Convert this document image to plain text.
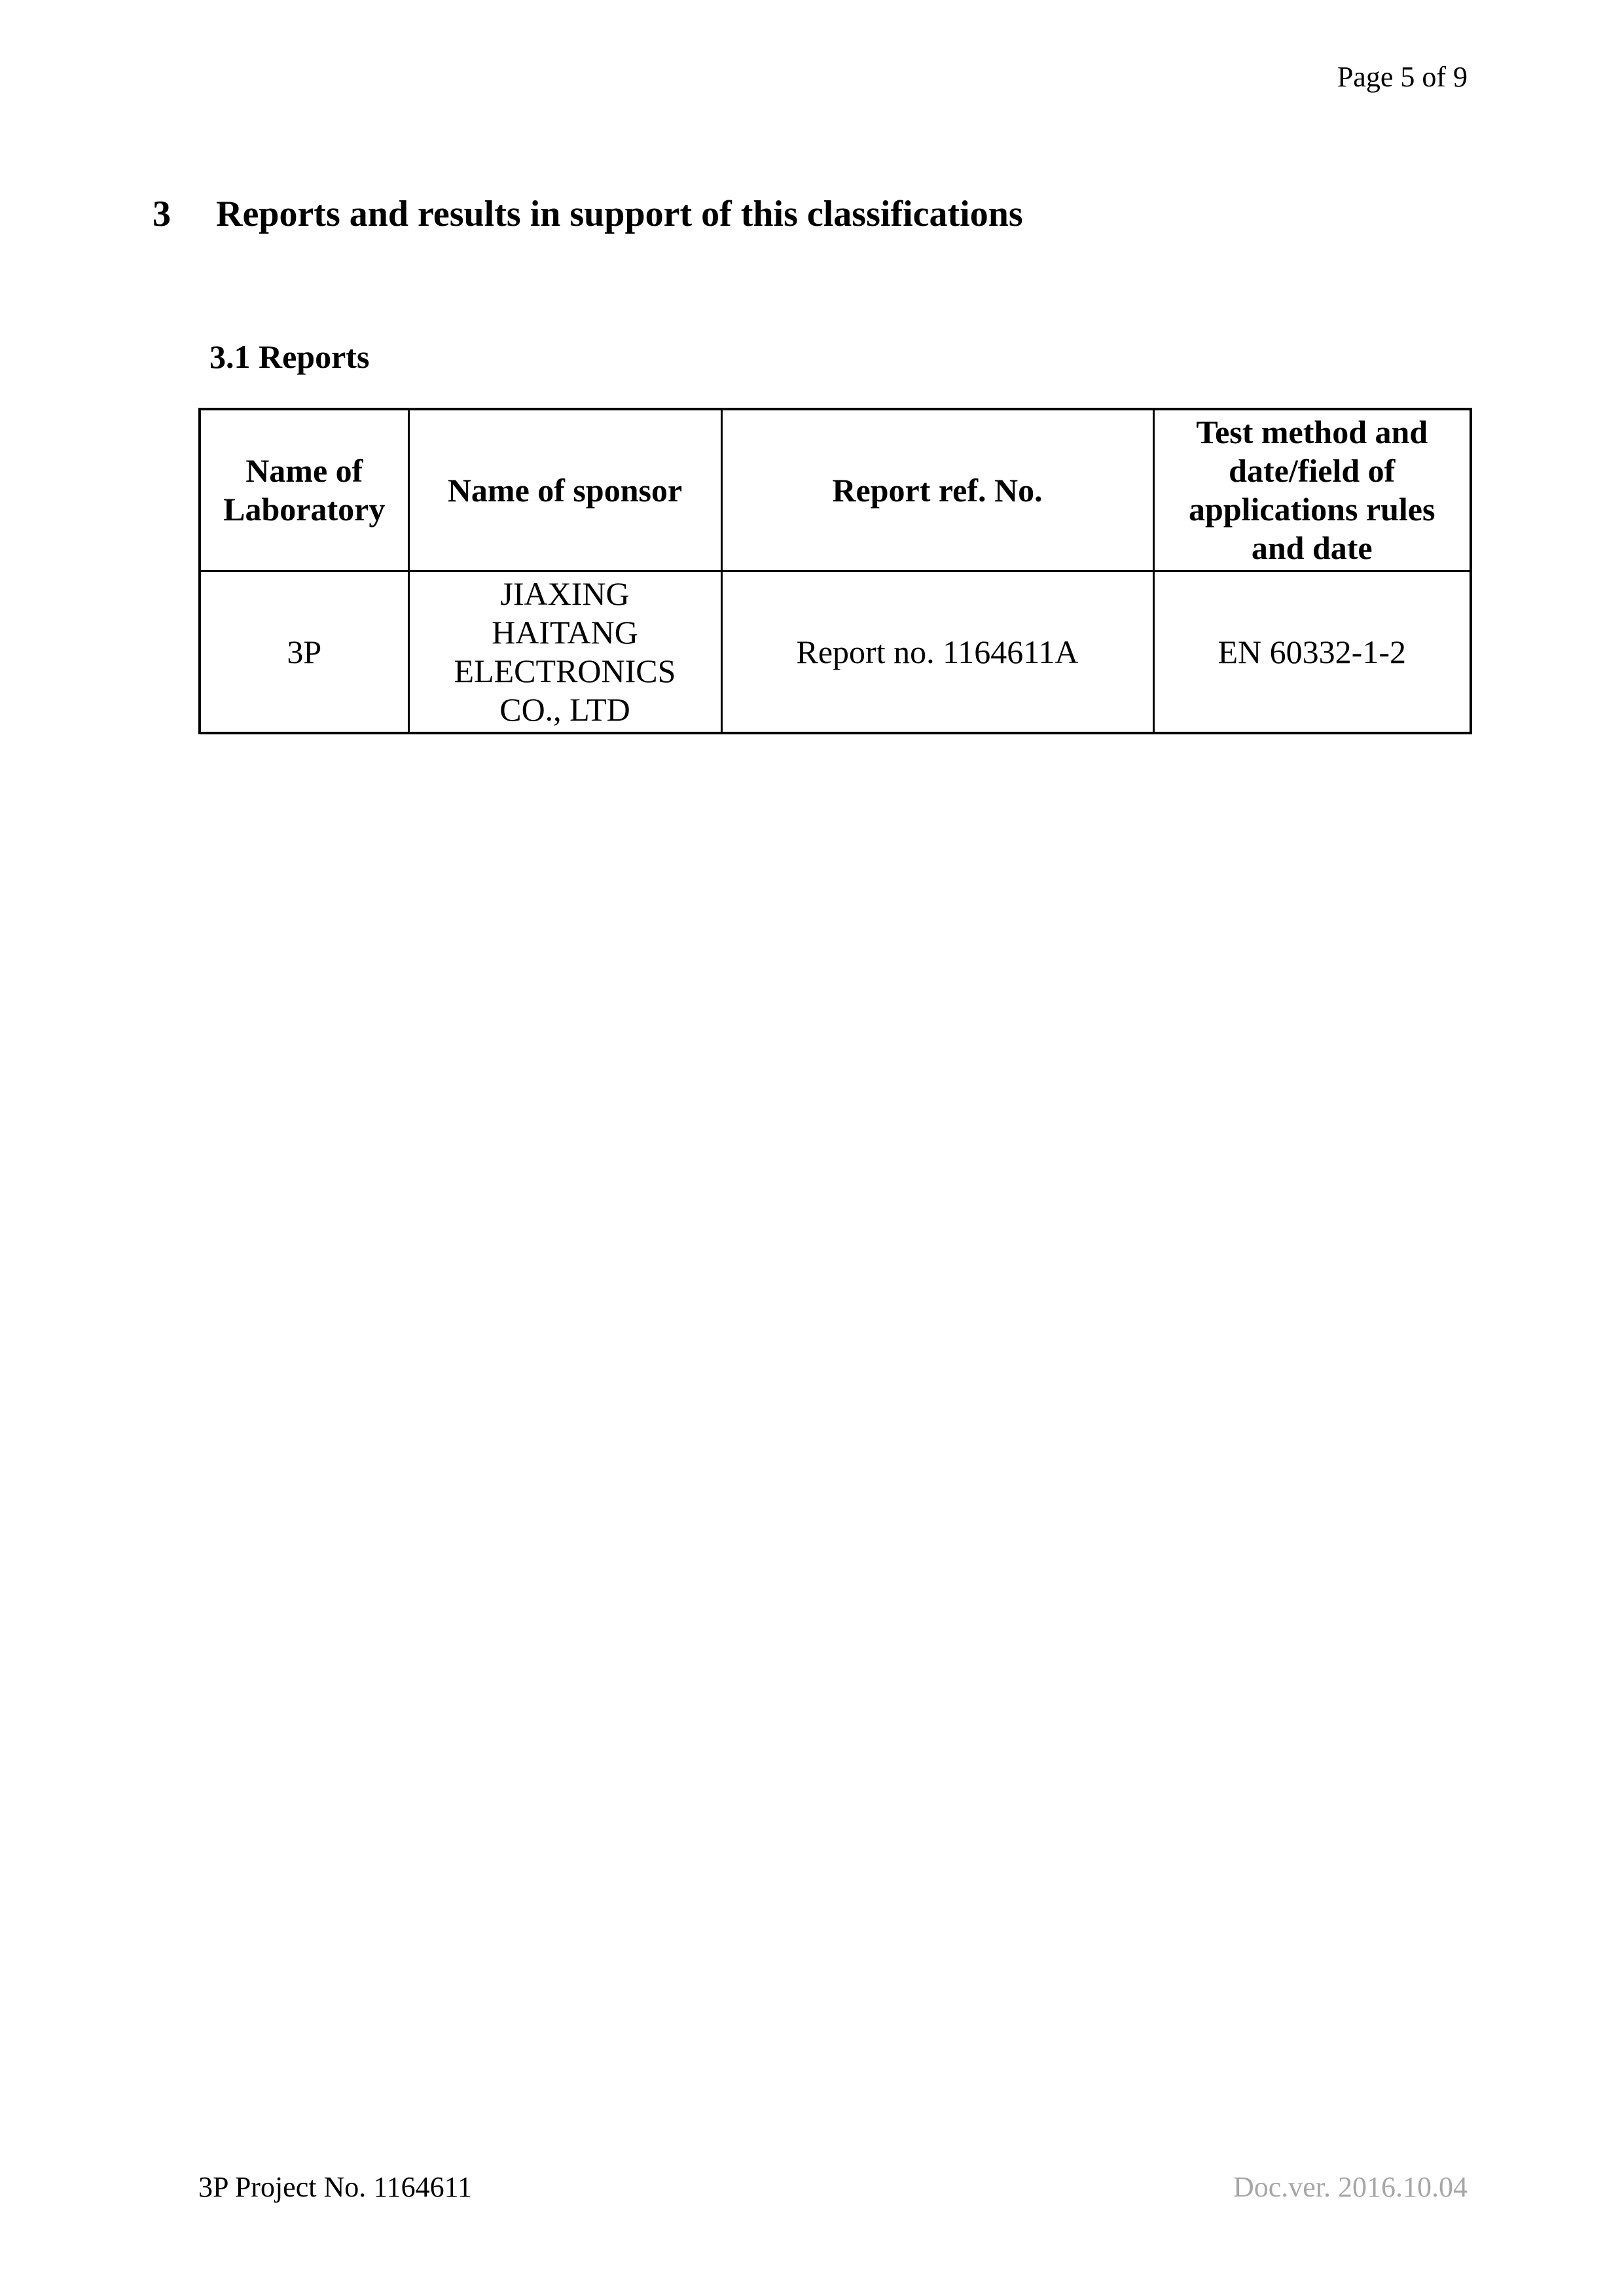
Page 5 of 9
3	Reports and results in support of this classifications
3.1 Reports
Name of Laboratory	Name of sponsor	Report ref. No.	Test method and date/field of applications rules and date
3P	JIAXING HAITANG ELECTRONICS CO., LTD	Report no. 1164611A	EN 60332-1-2
3P Project No. 1164611	Doc.ver. 2016.10.04
